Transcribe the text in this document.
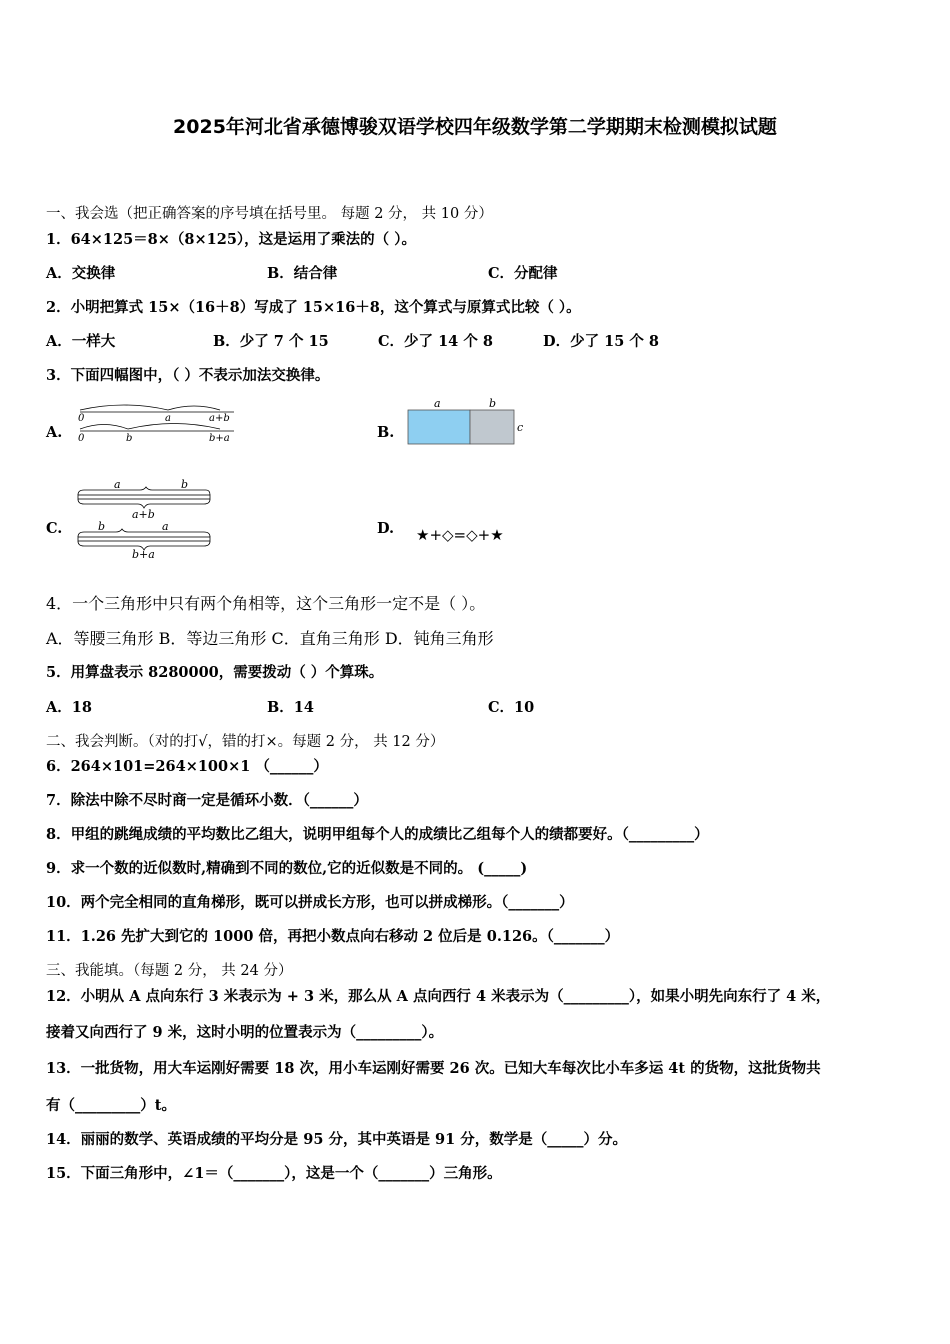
2025年河北省承德博骏双语学校四年级数学第二学期期末检测模拟试题
一、我会选（把正确答案的序号填在括号里。 每题 2 分， 共 10 分）
1．64×125＝8×（8×125），这是运用了乘法的（ ）。
A．交换律	B．结合律	C．分配律
2．小明把算式 15×（16＋8）写成了 15×16＋8，这个算式与原算式比较（ ）。
A．一样大	B．少了 7 个 15	C．少了 14 个 8	D．少了 15 个 8
3．下面四幅图中，（ ）不表示加法交换律。
A.
0	a	a+b
0	b	b+a	B.
a	b
c
C.
a	b
a+b
b	a
b+a
D. ★+◇=◇+★
4．一个三角形中只有两个角相等，这个三角形一定不是（ ）。
A．等腰三角形 B．等边三角形 C．直角三角形 D．钝角三角形
5．用算盘表示 8280000，需要拨动（ ）个算珠。
A．18	B．14	C．10
二、我会判断。（对的打√，错的打×。每题 2 分， 共 12 分）
6．264×101=264×100×1 （______）
7．除法中除不尽时商一定是循环小数．（______）
8．甲组的跳绳成绩的平均数比乙组大，说明甲组每个人的成绩比乙组每个人的绩都要好。（_________）
9．求一个数的近似数时,精确到不同的数位,它的近似数是不同的。 (_____)
10．两个完全相同的直角梯形，既可以拼成长方形，也可以拼成梯形。（_______）
11．1.26 先扩大到它的 1000 倍，再把小数点向右移动 2 位后是 0.126。（_______）
三、我能填。（每题 2 分， 共 24 分）
12．小明从 A 点向东行 3 米表示为 + 3 米，那么从 A 点向西行 4 米表示为（_________），如果小明先向东行了 4 米，
接着又向西行了 9 米，这时小明的位置表示为（_________）。
13．一批货物，用大车运刚好需要 18 次，用小车运刚好需要 26 次。已知大车每次比小车多运 4t 的货物，这批货物共
有（_________）t。
14．丽丽的数学、英语成绩的平均分是 95 分，其中英语是 91 分，数学是（_____）分。
15．下面三角形中，∠1＝（_______），这是一个（_______）三角形。
